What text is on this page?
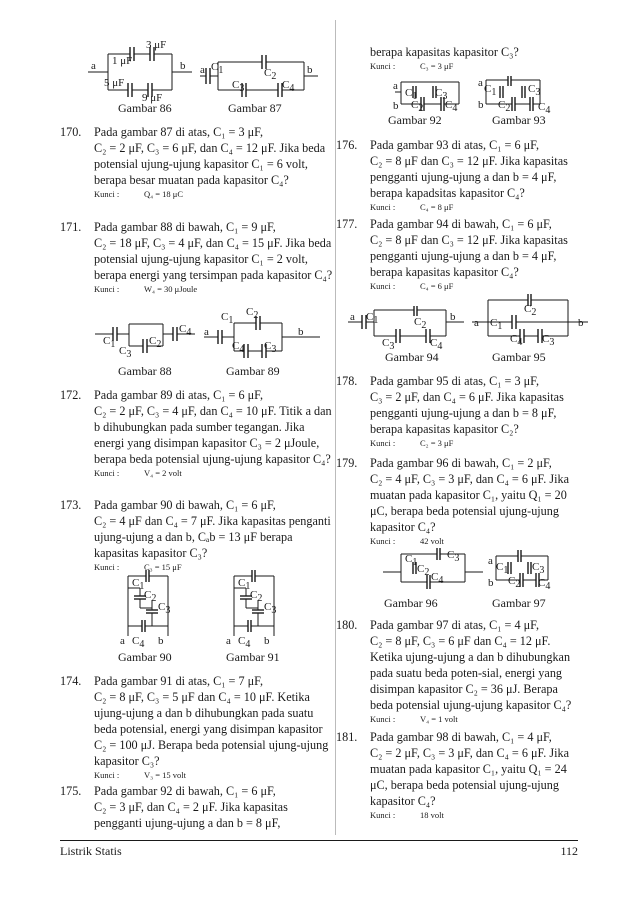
a	b
1 μF
3 μF
5 μF
9 μF
Gambar 86
a	b
C1	C2
C3	C4
Gambar 87
170. Pada gambar 87 di atas, C₁ = 3 μF,
C₂ = 2 μF, C₃ = 6 μF, dan C₄ = 12 μF. Jika beda potensial ujung-ujung kapasitor C₁ = 6 volt, berapa besar muatan pada kapasitor C₄?
Kunci :	Q₄ = 18 μC
171. Pada gambar 88 di bawah, C₁ = 9 μF,
C₂ = 18 μF, C₃ = 4 μF, dan C₄ = 15 μF. Jika beda potensial ujung-ujung kapasitor C₁ = 2 volt, berapa energi yang tersimpan pada kapasitor C₄?
Kunci :	W₄ = 30 μJoule
C1	C2
C3
C4
Gambar 88
a	b
C1
C2
C3
C4
Gambar 89
172. Pada gambar 89 di atas, C₁ = 6 μF,
C₂ = 2 μF, C₃ = 4 μF, dan C₄ = 10 μF. Titik a dan b dihubungkan pada sumber tegangan. Jika energi yang disimpan kapasitor C₃ = 2 μJoule, berapa beda potensial ujung-ujung kapasitor C₄?
Kunci :	V₄ = 2 volt
173. Pada gambar 90 di bawah, C₁ = 6 μF,
C₂ = 4 μF dan C₄ = 7 μF. Jika kapasitas penganti ujung-ujung a dan b, Cₐb = 13 μF berapa kapasitas kapasitor C₃?
Kunci :	C₃ = 15 μF
a	b
C1
C2
C3
C4
Gambar 90
a	b
C1
C2
C3
C4
Gambar 91
174. Pada gambar 91 di atas, C₁ = 7 μF,
C₂ = 8 μF, C₃ = 5 μF dan C₄ = 10 μF. Ketika ujung-ujung a dan b dihubungkan pada suatu beda potensial, energi yang disimpan kapasitor C₂ = 100 μJ. Berapa beda potensial ujung-ujung kapasitor C₃?
Kunci :	V₃ = 15 volt
175. Pada gambar 92 di bawah, C₁ = 6 μF,
C₂ = 3 μF, dan C₄ = 2 μF. Jika kapasitas pengganti ujung-ujung a dan b = 8 μF,
berapa kapasitas kapasitor C₃?
Kunci :	C₃ = 3 μF
a
b
C1
C2
C3
C4
Gambar 92
a
b
C1
C2
C3
C4
Gambar 93
176. Pada gambar 93 di atas, C₁ = 6 μF,
C₂ = 8 μF dan C₃ = 12 μF. Jika kapasitas pengganti ujung-ujung a dan b = 4 μF, berapa kapadsitas kapasitor C₄?
Kunci :	C₄ = 8 μF
177. Pada gambar 94 di bawah, C₁ = 6 μF,
C₂ = 8 μF dan C₃ = 12 μF. Jika kapasitas pengganti ujung-ujung a dan b = 4 μF, berapa kapasitas kapasitor C₄?
Kunci :	C₄ = 6 μF
a	b
C1	C2
C3	C4
Gambar 94
a	b
C1
C2
C3
C4
Gambar 95
178. Pada gambar 95 di atas, C₁ = 3 μF,
C₃ = 2 μF, dan C₄ = 6 μF. Jika kapasitas pengganti ujung-ujung a dan b = 8 μF, berapa kapasitas kapasitor C₂?
Kunci :	C₂ = 3 μF
179. Pada gambar 96 di bawah, C₁ = 2 μF,
C₂ = 4 μF, C₃ = 3 μF, dan C₄ = 6 μF. Jika muatan pada kapasitor C₁, yaitu Q₁ = 20 μC, berapa beda potensial ujung-ujung kapasitor C₄?
Kunci :	42 volt
C1
C2
C3
C4
Gambar 96
a
b
C1
C2
C3
C4
Gambar 97
180. Pada gambar 97 di atas, C₁ = 4 μF,
C₂ = 8 μF, C₃ = 6 μF dan C₄ = 12 μF. Ketika ujung-ujung a dan b dihubungkan pada suatu beda poten-sial, energi yang disimpan kapasitor C₂ = 36 μJ. Berapa beda potensial ujung-ujung kapasitor C₄?
Kunci :	V₄ = 1 volt
181. Pada gambar 98 di bawah, C₁ = 4 μF,
C₂ = 2 μF, C₃ = 3 μF, dan C₄ = 6 μF. Jika muatan pada kapasitor C₁, yaitu Q₁ = 24 μC, berapa beda potensial ujung-ujung kapasitor C₄?
Kunci :	18 volt
Listrik Statis	112
